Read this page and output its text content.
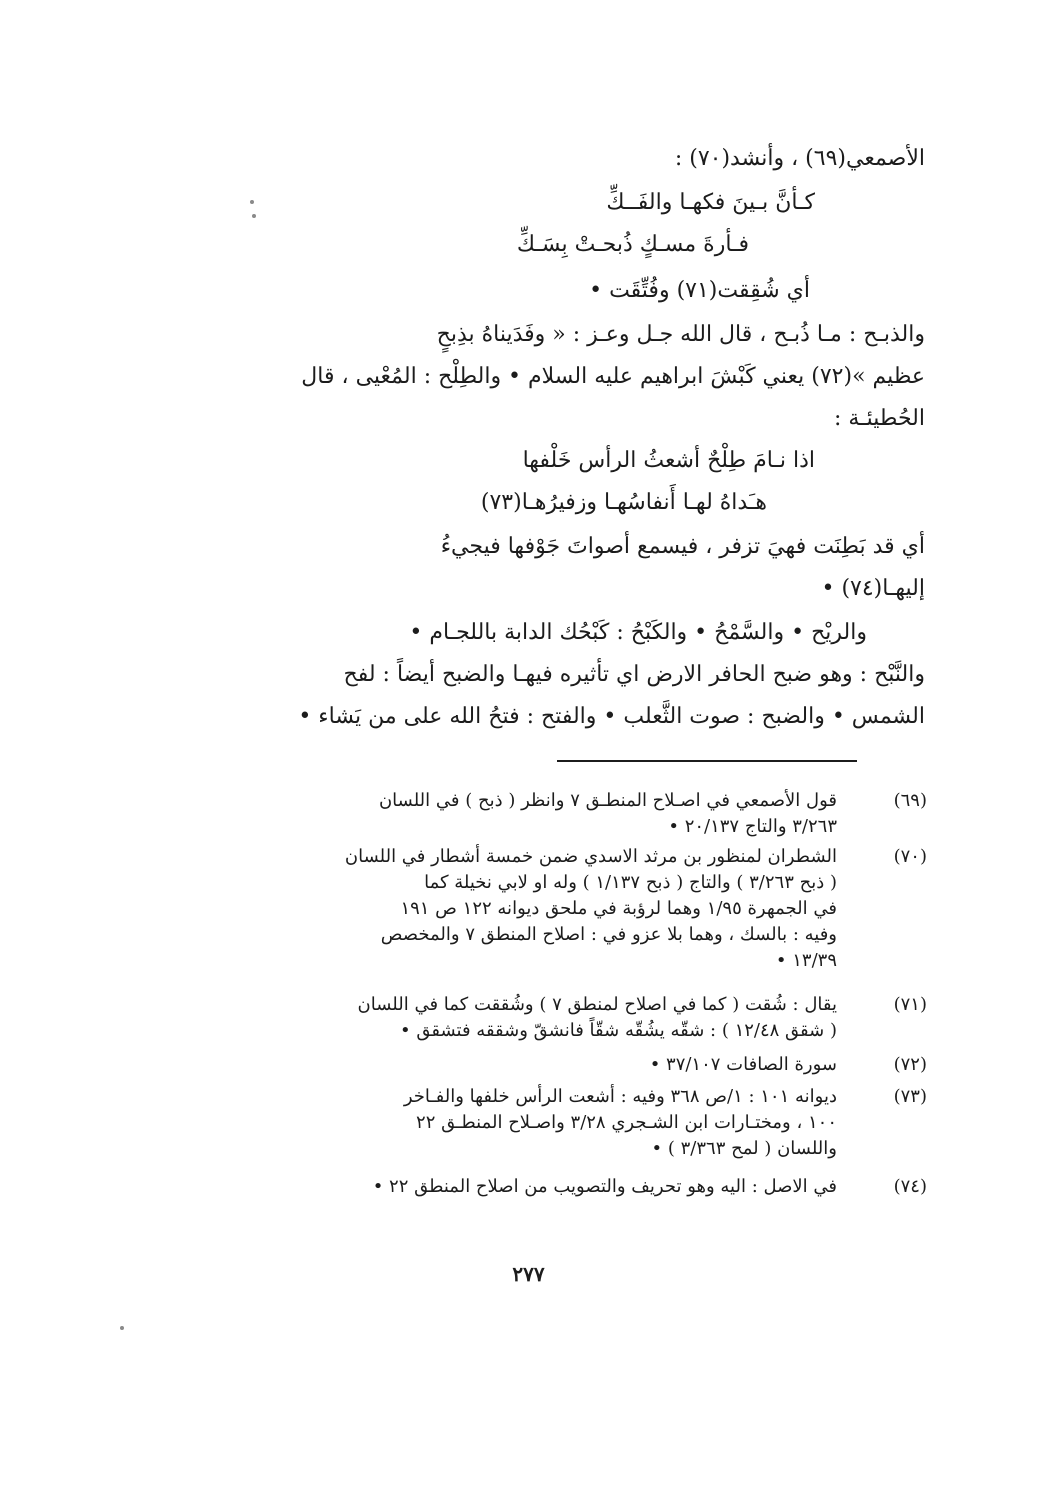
الأصمعي(٦٩) ، وأنشد(٧٠) :
كـأنَّ بـينَ فكهـا والفَــكِّ
فـأرةَ مسـكٍ ذُبحـتْ بِسَـكِّ
أي شُقِقت(٧١) وفُتِّقَت •
والذبـح : مـا ذُبـح ، قال الله جـل وعـز : « وفَدَيناهُ بذِبحٍ
عظيم »(٧٢) يعني كَبْشَ ابراهيم عليه السلام • والطِلْح : المُعْيى ، قال
الحُطيئـة :
اذا نـامَ طِلْحٌ أشعثُ الرأس خَلْفها
هـَداهُ لهـا أَنفاسُهـا وزفيرُهـا(٧٣)
أي قد بَطِنَت فهيَ تزفر ، فيسمع أصواتَ جَوْفها فيجيءُ
إليهـا(٧٤) •
والريْح • والسَّمْحُ • والكَبْحُ : كَبْحُك الدابة باللجـام •
والنَّبْح : وهو ضبح الحافر الارض اي تأثيره فيهـا والضبح أيضاً : لفح
الشمس • والضبح : صوت الثَّعلب • والفتح : فتحُ الله على من يَشاء •
(٦٩)
قول الأصمعي في اصـلاح المنطـق ٧ وانظر ( ذبح ) في اللسان
٣/٢٦٣ والتاج ٢٠/١٣٧ •
(٧٠)
الشطران لمنظور بن مرثد الاسدي ضمن خمسة أشطار في اللسان
( ذبح ٣/٢٦٣ ) والتاج ( ذبح ١/١٣٧ ) وله او لابي نخيلة كما
في الجمهرة ١/٩٥ وهما لرؤبة في ملحق ديوانه ١٢٢ ص ١٩١
وفيه : بالسك ، وهما بلا عزو في : اصلاح المنطق ٧ والمخصص
١٣/٣٩ •
(٧١)
يقال : شُقت ( كما في اصلاح لمنطق ٧ ) وشُققت كما في اللسان
( شقق ١٢/٤٨ ) : شقّه يشُقّه شقّاً فانشقّ وشققه فتشقق •
(٧٢)
سورة الصافات ٣٧/١٠٧ •
(٧٣)
ديوانه ١٠١ : ١/ص ٣٦٨ وفيه : أشعت الرأس خلفها والفـاخر
١٠٠ ، ومختـارات ابن الشـجري ٣/٢٨ واصـلاح المنطـق ٢٢
واللسان ( لمح ٣/٣٦٣ ) •
(٧٤)
في الاصل : اليه وهو تحريف والتصويب من اصلاح المنطق ٢٢ •
٢٧٧
